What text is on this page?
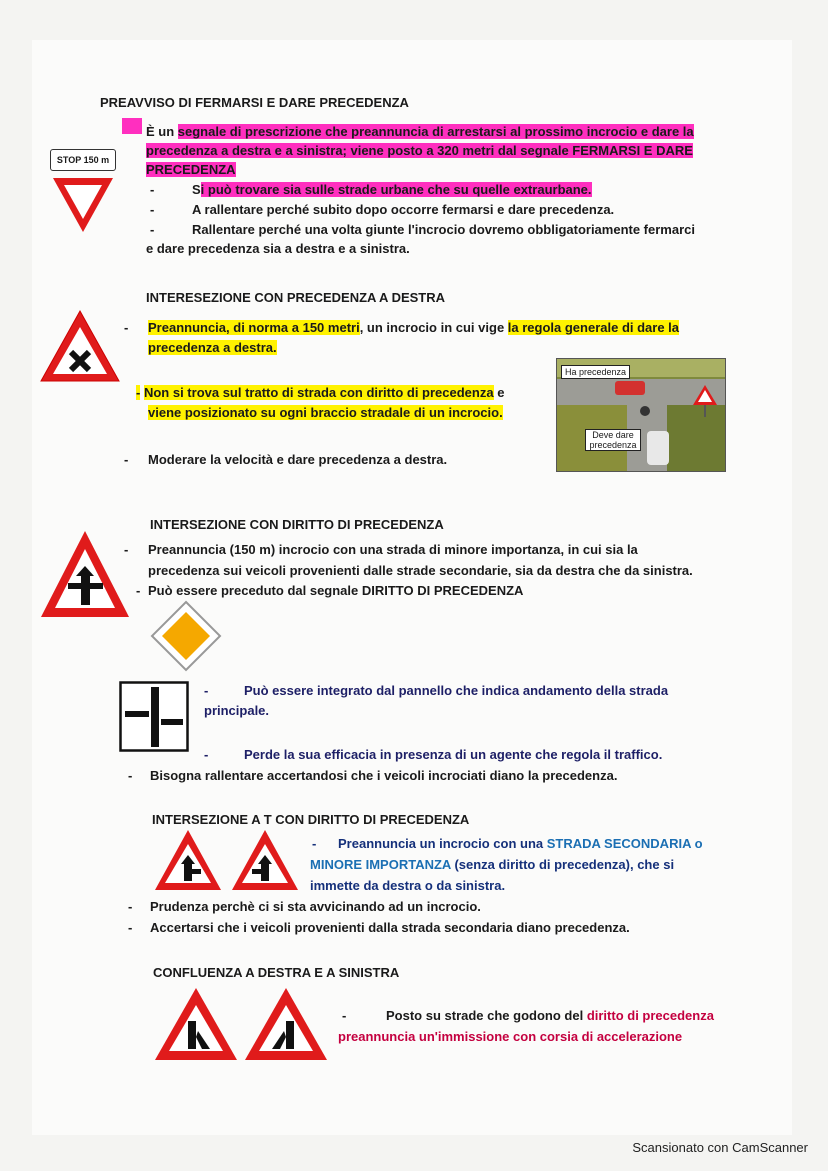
PREAVVISO DI FERMARSI E DARE PRECEDENZA
STOP 150 m
È un segnale di prescrizione che preannuncia di arrestarsi al prossimo incrocio e dare la
precedenza a destra e a sinistra; viene posto a 320 metri dal segnale FERMARSI E DARE
PRECEDENZA
-	Si può trovare sia sulle strade urbane che su quelle extraurbane.
-	A rallentare perché subito dopo occorre fermarsi e dare precedenza.
-	Rallentare perché una volta giunte l'incrocio dovremo obbligatoriamente fermarci
e dare precedenza sia a destra e a sinistra.
INTERESEZIONE CON PRECEDENZA A DESTRA
- Preannuncia, di norma a 150 metri, un incrocio in cui vige la regola generale di dare la
precedenza a destra.
- Non si trova sul tratto di strada con diritto di precedenza e
viene posizionato su ogni braccio stradale di un incrocio.
- Moderare la velocità e dare precedenza a destra.
Ha precedenza
Deve dare precedenza
INTERSEZIONE CON DIRITTO DI PRECEDENZA
- Preannuncia (150 m) incrocio con una strada di minore importanza, in cui sia la
precedenza sui veicoli provenienti dalle strade secondarie, sia da destra che da sinistra.
- Può essere preceduto dal segnale DIRITTO DI PRECEDENZA
-	Può essere integrato dal pannello che indica andamento della strada
principale.
-	Perde la sua efficacia in presenza di un agente che regola il traffico.
- Bisogna rallentare accertandosi che i veicoli incrociati diano la precedenza.
INTERSEZIONE A T CON DIRITTO DI PRECEDENZA
- Preannuncia un incrocio con una STRADA SECONDARIA o
MINORE IMPORTANZA (senza diritto di precedenza), che si
immette da destra o da sinistra.
- Prudenza perchè ci si sta avvicinando ad un incrocio.
- Accertarsi che i veicoli provenienti dalla strada secondaria diano precedenza.
CONFLUENZA A DESTRA E A SINISTRA
-	Posto su strade che godono del diritto di precedenza
preannuncia un'immissione con corsia di accelerazione
Scansionato con CamScanner
